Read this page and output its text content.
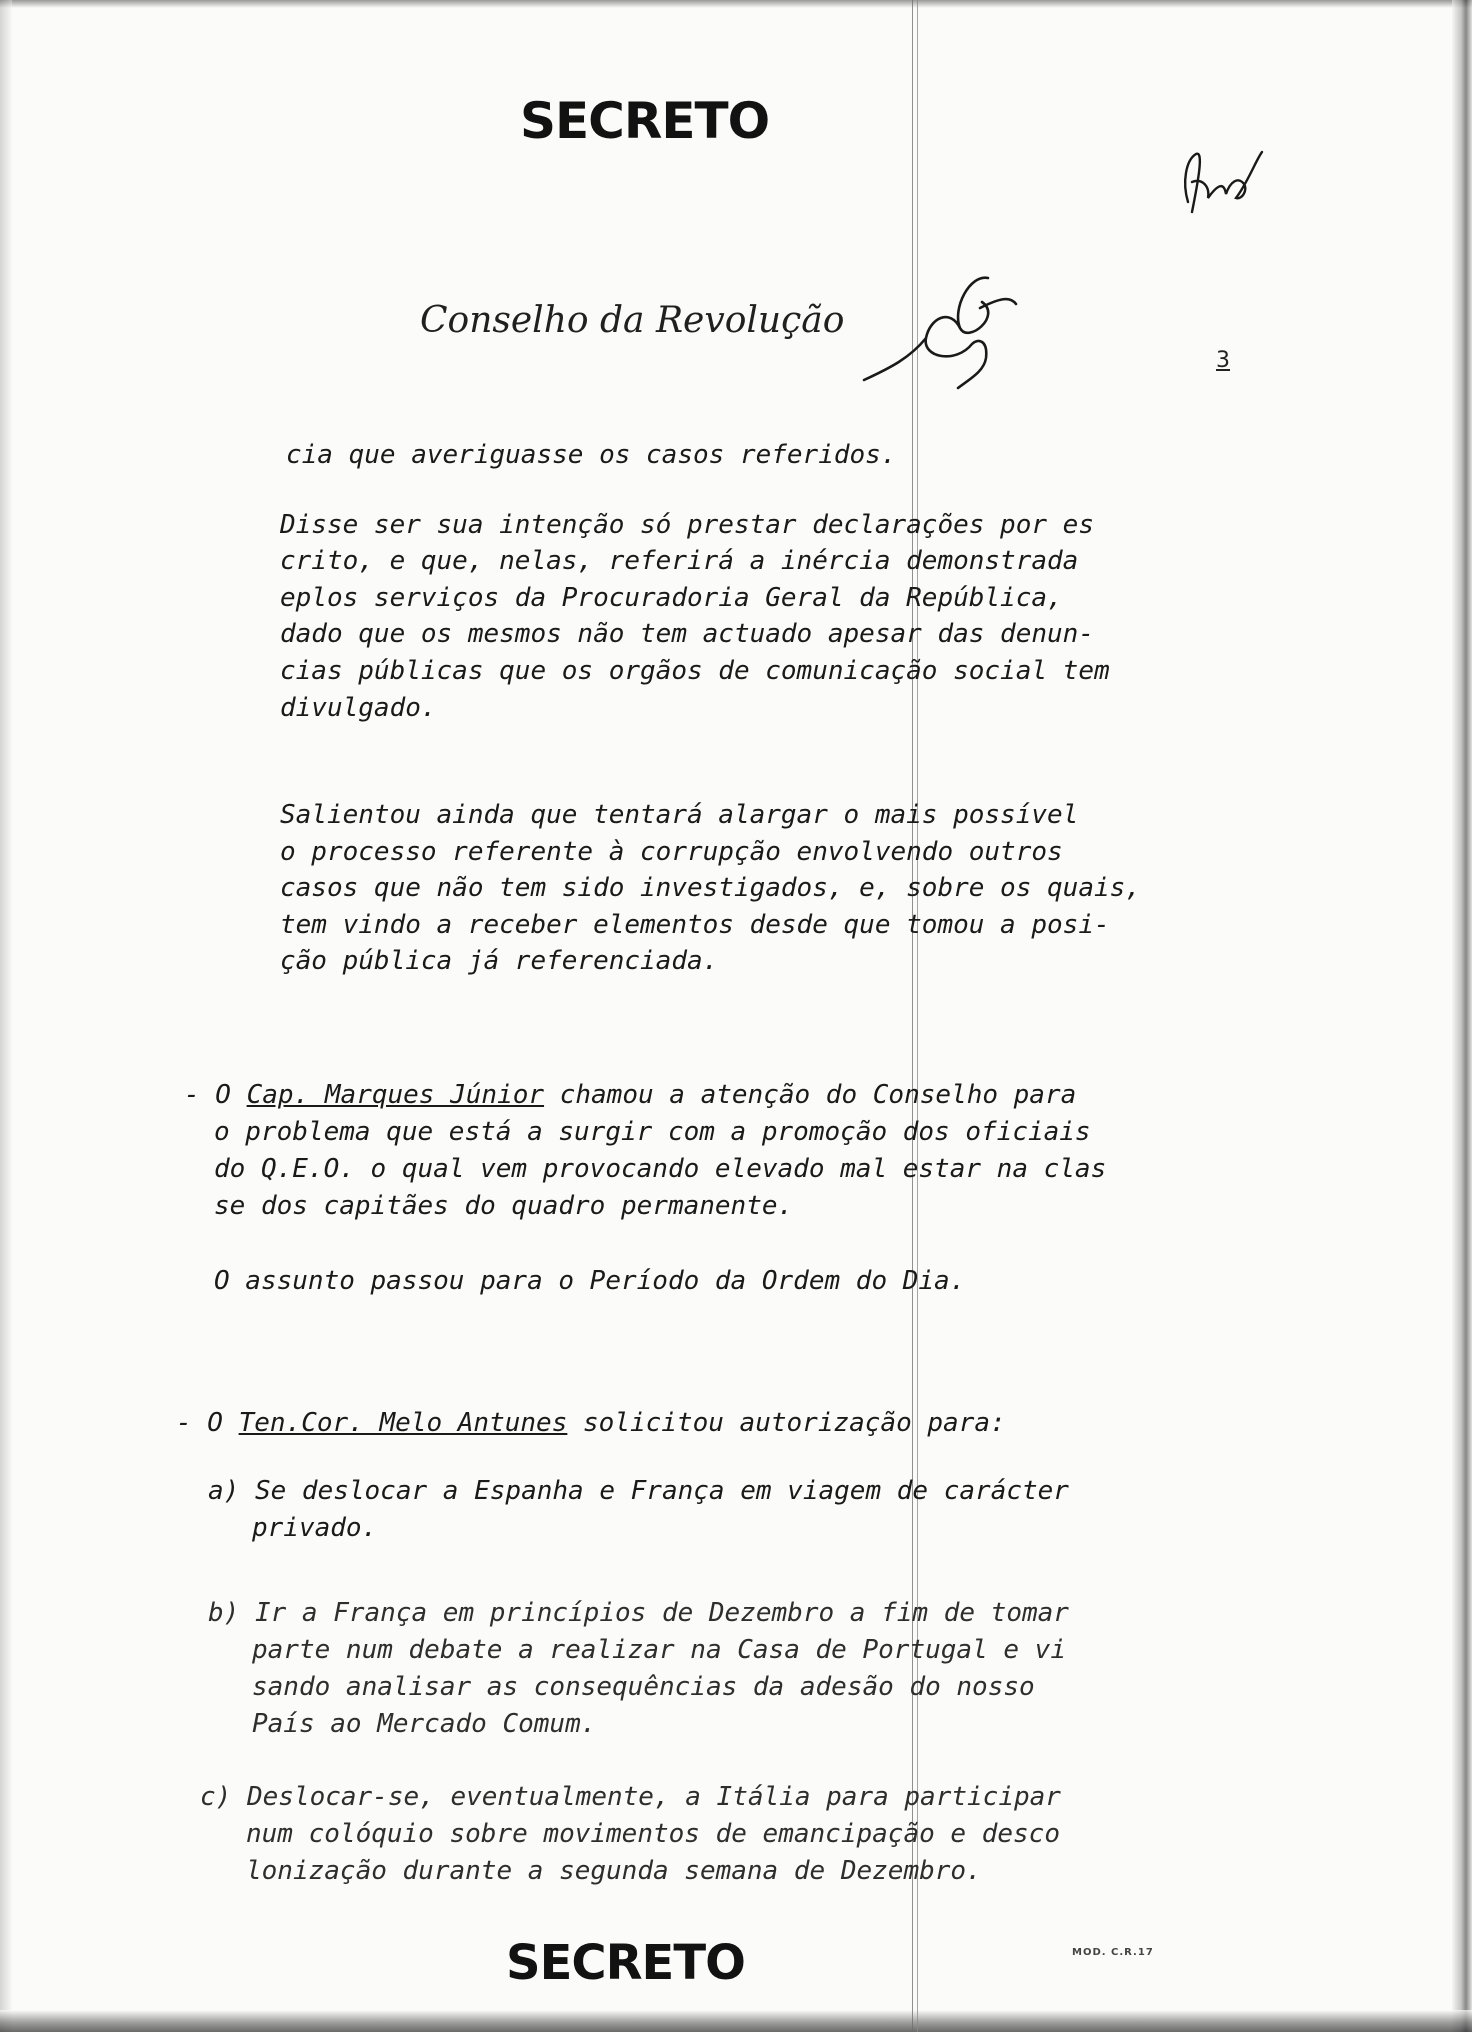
SECRETO
Conselho da Revolução
3
cia que averiguasse os casos referidos.
Disse ser sua intenção só prestar declarações por es
crito, e que, nelas, referirá a inércia demonstrada
eplos serviços da Procuradoria Geral da República,
dado que os mesmos não tem actuado apesar das denun-
cias públicas que os orgãos de comunicação social tem
divulgado.
Salientou ainda que tentará alargar o mais possível
o processo referente à corrupção envolvendo outros
casos que não tem sido investigados, e, sobre os quais,
tem vindo a receber elementos desde que tomou a posi-
ção pública já referenciada.
- O Cap. Marques Júnior chamou a atenção do Conselho para
o problema que está a surgir com a promoção dos oficiais
do Q.E.O. o qual vem provocando elevado mal estar na clas
se dos capitães do quadro permanente.
O assunto passou para o Período da Ordem do Dia.
- O Ten.Cor. Melo Antunes solicitou autorização para:
a) Se deslocar a Espanha e França em viagem de carácter
privado.
b) Ir a França em princípios de Dezembro a fim de tomar
parte num debate a realizar na Casa de Portugal e vi
sando analisar as consequências da adesão do nosso
País ao Mercado Comum.
c) Deslocar-se, eventualmente, a Itália para participar
num colóquio sobre movimentos de emancipação e desco
lonização durante a segunda semana de Dezembro.
SECRETO	MOD. C.R.17
